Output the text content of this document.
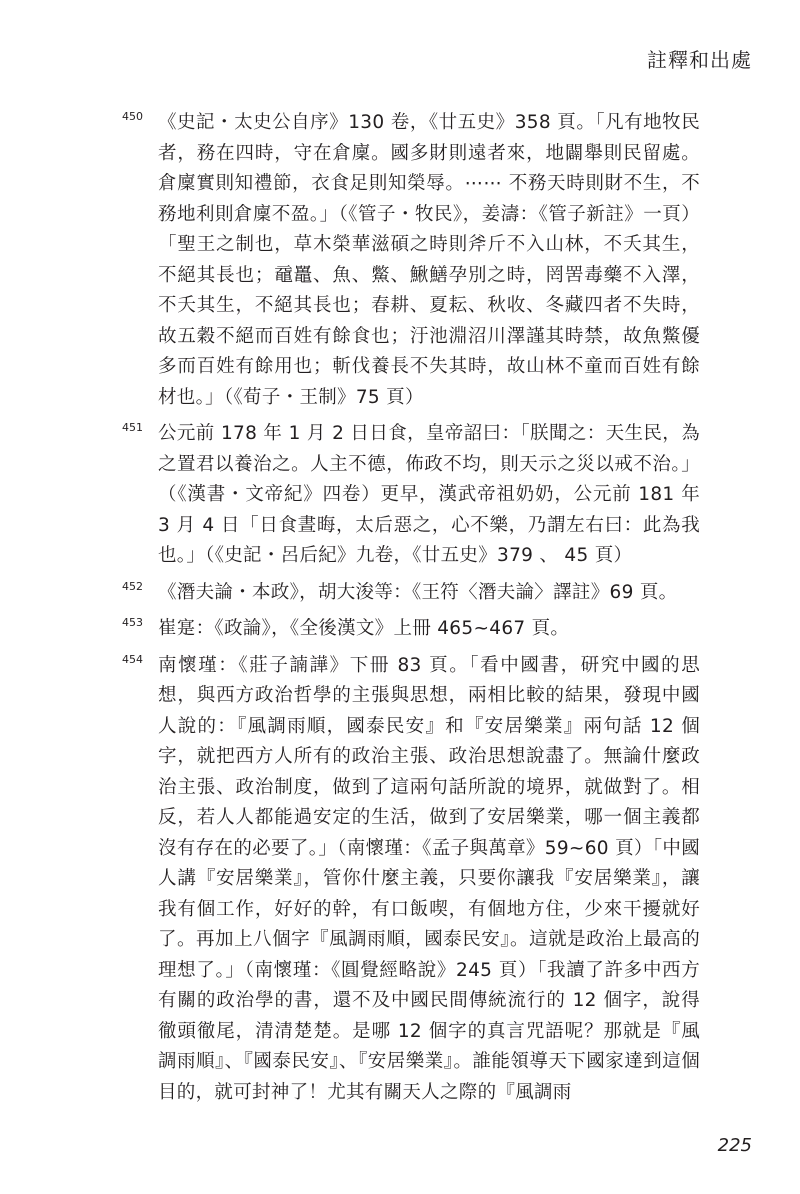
註釋和出處
450 《史記・太史公自序》130 卷，《廿五史》358 頁。「凡有地牧民者，務在四時，守在倉廩。國多財則遠者來，地闢舉則民留處。倉廩實則知禮節，衣食足則知榮辱。⋯⋯ 不務天時則財不生，不務地利則倉廩不盈。」（《管子・牧民》，姜濤：《管子新註》一頁）「聖王之制也，草木榮華滋碩之時則斧斤不入山林，不夭其生，不絕其長也；黿鼉、魚、鱉、鰍鱔孕別之時，罔罟毒藥不入澤，不夭其生，不絕其長也；春耕、夏耘、秋收、冬藏四者不失時，故五穀不絕而百姓有餘食也；汙池淵沼川澤謹其時禁，故魚鱉優多而百姓有餘用也；斬伐養長不失其時，故山林不童而百姓有餘材也。」（《荀子・王制》75 頁）
451 公元前 178 年 1 月 2 日日食，皇帝詔曰：「朕聞之：天生民，為之置君以養治之。人主不德，佈政不均，則天示之災以戒不治。」（《漢書・文帝紀》四卷）更早，漢武帝祖奶奶，公元前 181 年 3 月 4 日「日食晝晦，太后惡之，心不樂，乃謂左右曰：此為我也。」（《史記・呂后紀》九卷，《廿五史》379 、 45 頁）
452 《潛夫論・本政》，胡大浚等：《王符〈潛夫論〉譯註》69 頁。
453 崔寔：《政論》，《全後漢文》上冊 465~467 頁。
454 南懷瑾：《莊子諵譁》下冊 83 頁。「看中國書，研究中國的思想，與西方政治哲學的主張與思想，兩相比較的結果，發現中國人說的：『風調雨順，國泰民安』和『安居樂業』兩句話 12 個字，就把西方人所有的政治主張、政治思想說盡了。無論什麼政治主張、政治制度，做到了這兩句話所說的境界，就做對了。相反，若人人都能過安定的生活，做到了安居樂業，哪一個主義都沒有存在的必要了。」（南懷瑾：《孟子與萬章》59~60 頁）「中國人講『安居樂業』，管你什麼主義，只要你讓我『安居樂業』，讓我有個工作，好好的幹，有口飯喫，有個地方住，少來干擾就好了。再加上八個字『風調雨順，國泰民安』。這就是政治上最高的理想了。」（南懷瑾：《圓覺經略說》245 頁）「我讀了許多中西方有關的政治學的書，還不及中國民間傳統流行的 12 個字，說得徹頭徹尾，清清楚楚。是哪 12 個字的真言咒語呢？那就是『風調雨順』、『國泰民安』、『安居樂業』。誰能領導天下國家達到這個目的，就可封神了！尤其有關天人之際的『風調雨
225
